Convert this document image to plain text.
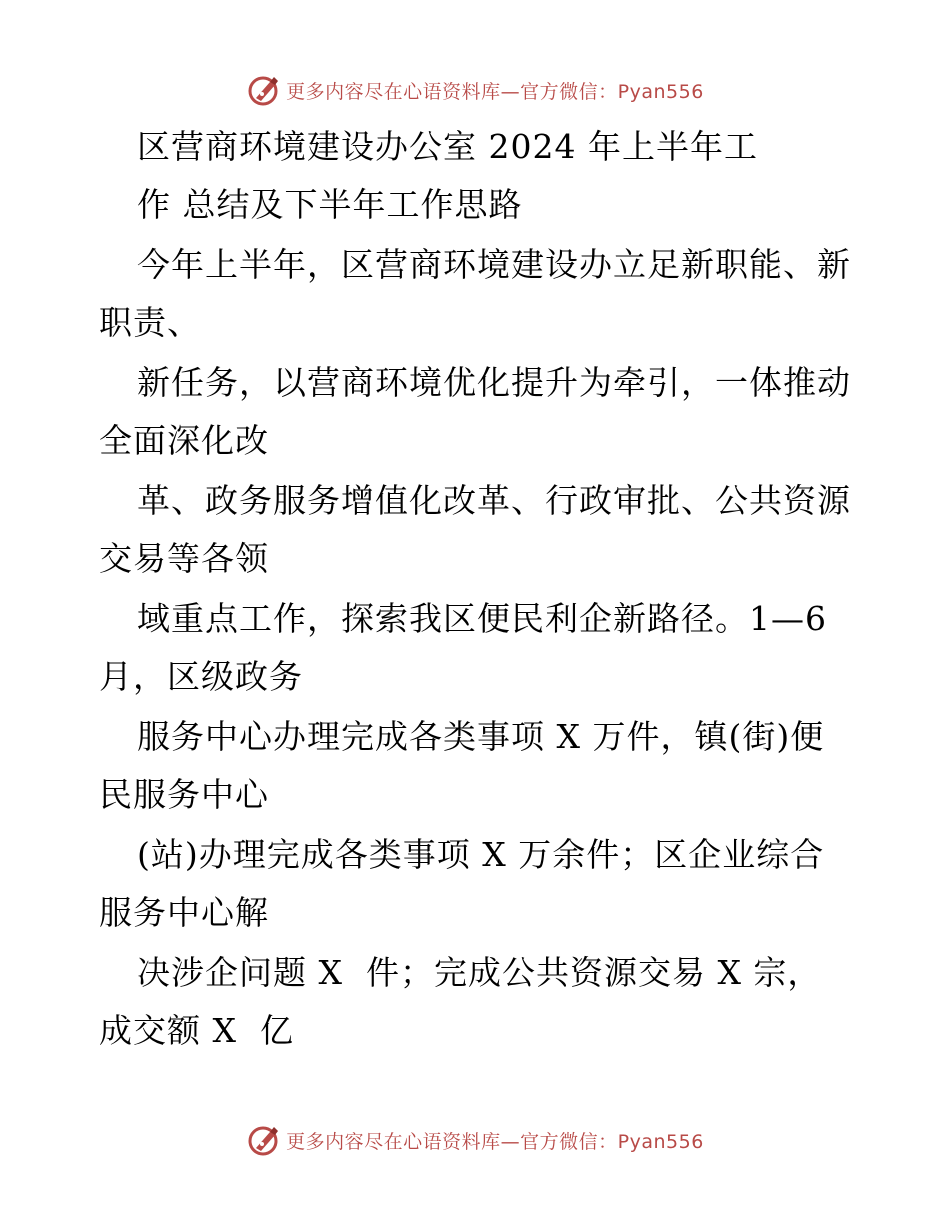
更多内容尽在心语资料库—官方微信：Pyan556
区营商环境建设办公室 2024 年上半年工
作 总结及下半年工作思路
今年上半年，区营商环境建设办立足新职能、新
职责、
新任务，以营商环境优化提升为牵引，一体推动
全面深化改
革、政务服务增值化改革、行政审批、公共资源
交易等各领
域重点工作，探索我区便民利企新路径。1—6
月，区级政务
服务中心办理完成各类事项 X 万件，镇(街)便
民服务中心
(站)办理完成各类事项 X 万余件；区企业综合
服务中心解
决涉企问题 X  件；完成公共资源交易 X 宗，
成交额 X  亿
更多内容尽在心语资料库—官方微信：Pyan556
